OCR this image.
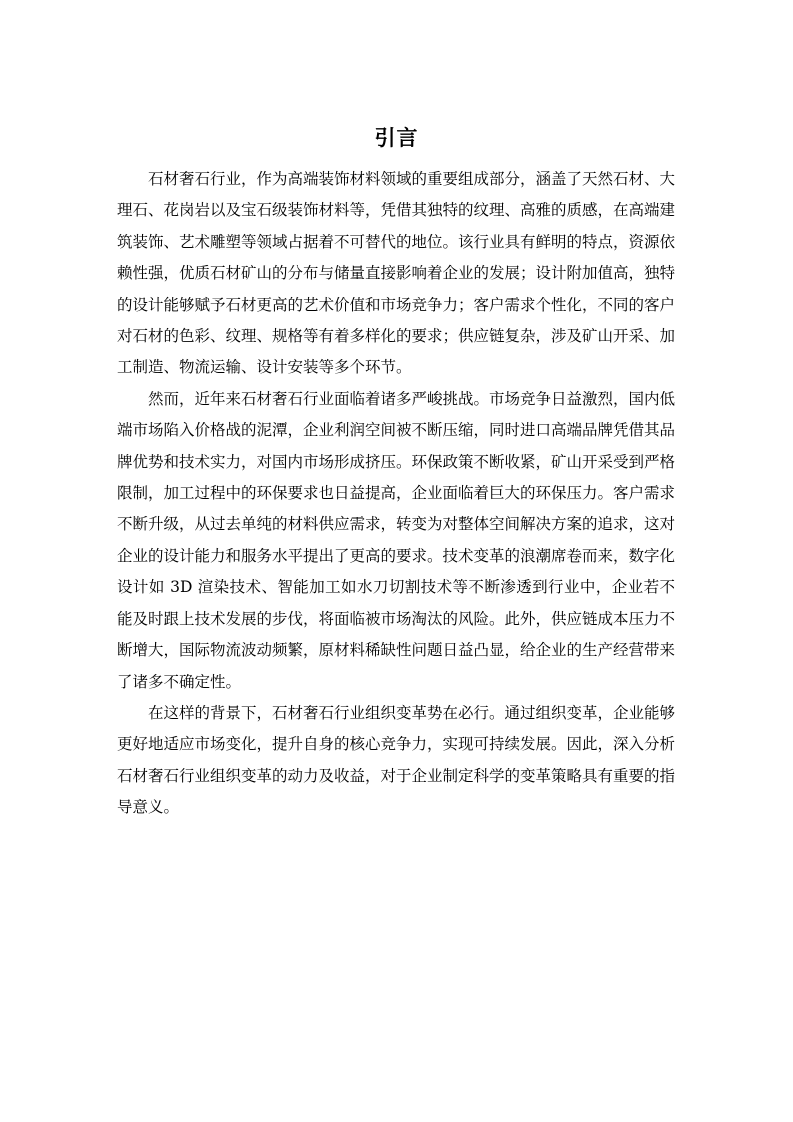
引言

石材奢石行业，作为高端装饰材料领域的重要组成部分，涵盖了天然石材、大理石、花岗岩以及宝石级装饰材料等，凭借其独特的纹理、高雅的质感，在高端建筑装饰、艺术雕塑等领域占据着不可替代的地位。该行业具有鲜明的特点，资源依赖性强，优质石材矿山的分布与储量直接影响着企业的发展；设计附加值高，独特的设计能够赋予石材更高的艺术价值和市场竞争力；客户需求个性化，不同的客户对石材的色彩、纹理、规格等有着多样化的要求；供应链复杂，涉及矿山开采、加工制造、物流运输、设计安装等多个环节。

然而，近年来石材奢石行业面临着诸多严峻挑战。市场竞争日益激烈，国内低端市场陷入价格战的泥潭，企业利润空间被不断压缩，同时进口高端品牌凭借其品牌优势和技术实力，对国内市场形成挤压。环保政策不断收紧，矿山开采受到严格限制，加工过程中的环保要求也日益提高，企业面临着巨大的环保压力。客户需求不断升级，从过去单纯的材料供应需求，转变为对整体空间解决方案的追求，这对企业的设计能力和服务水平提出了更高的要求。技术变革的浪潮席卷而来，数字化设计如 3D 渲染技术、智能加工如水刀切割技术等不断渗透到行业中，企业若不能及时跟上技术发展的步伐，将面临被市场淘汰的风险。此外，供应链成本压力不断增大，国际物流波动频繁，原材料稀缺性问题日益凸显，给企业的生产经营带来了诸多不确定性。

在这样的背景下，石材奢石行业组织变革势在必行。通过组织变革，企业能够更好地适应市场变化，提升自身的核心竞争力，实现可持续发展。因此，深入分析石材奢石行业组织变革的动力及收益，对于企业制定科学的变革策略具有重要的指导意义。
